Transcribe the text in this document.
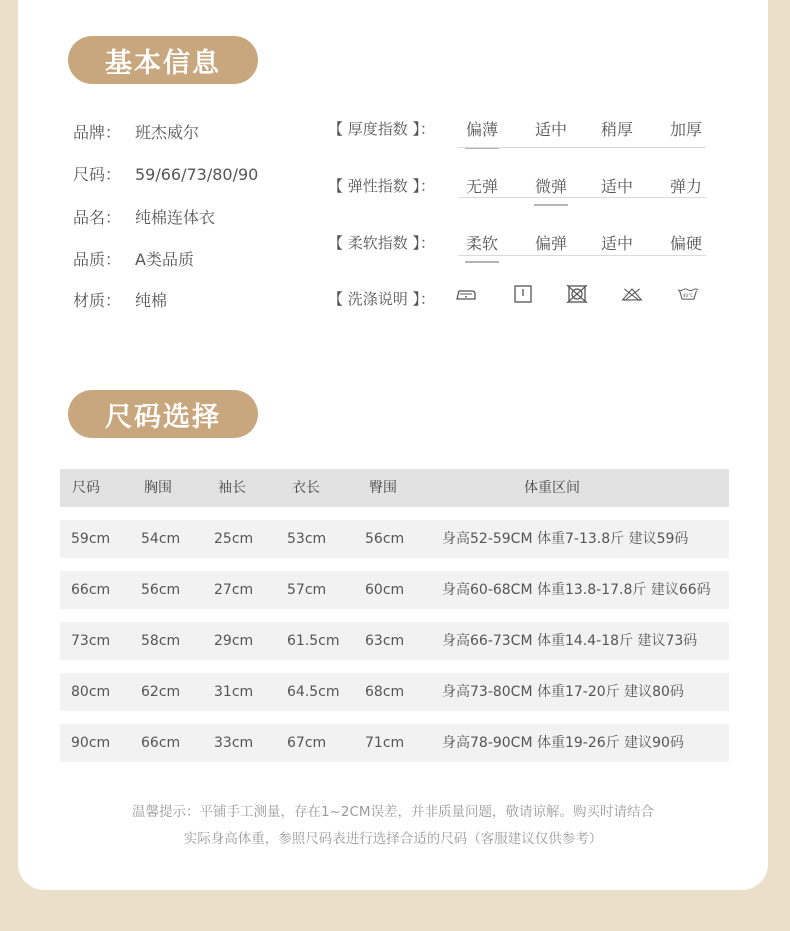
基本信息
品牌： 班杰威尔
尺码： 59/66/73/80/90
品名： 纯棉连体衣
品质： A类品质
材质： 纯棉
【 厚度指数 】： 偏薄 适中 稍厚 加厚
【 弹性指数 】： 无弹 微弹 适中 弹力
【 柔软指数 】： 柔软 偏弹 适中 偏硬
【 洗涤说明 】：	40°C
尺码选择
尺码	胸围	袖长	衣长	臀围	体重区间
59cm 54cm 25cm 53cm	56cm	身高52-59CM 体重7-13.8斤 建议59码
66cm 56cm 27cm 57cm	60cm	身高60-68CM 体重13.8-17.8斤 建议66码
73cm 58cm 29cm 61.5cm 63cm	身高66-73CM 体重14.4-18斤 建议73码
80cm 62cm 31cm 64.5cm 68cm	身高73-80CM 体重17-20斤 建议80码
90cm 66cm 33cm 67cm	71cm	身高78-90CM 体重19-26斤 建议90码
温馨提示：平铺手工测量，存在1~2CM误差，并非质量问题，敬请谅解。购买时请结合
实际身高体重，参照尺码表进行选择合适的尺码（客服建议仅供参考）
